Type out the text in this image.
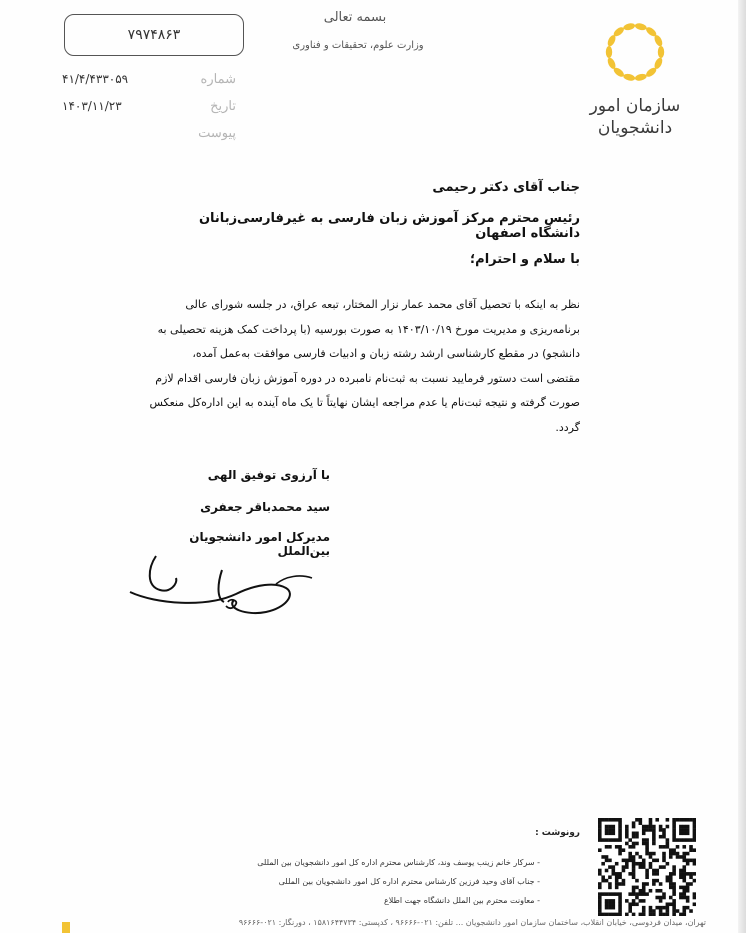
سازمان امور
دانشجویان
بسمه تعالی
وزارت علوم، تحقیقات و فناوری
۷۹۷۴۸۶۳
شماره
۴۱/۴/۴۳۳۰۵۹
تاریخ
۱۴۰۳/۱۱/۲۳
پیوست
جناب آقای دکتر رحیمی
رئیس محترم مرکز آموزش زبان فارسی به غیرفارسی‌زبانان دانشگاه اصفهان
با سلام و احترام؛
نظر به اینکه با تحصیل آقای محمد عمار نزار المختار، تبعه عراق، در جلسه شورای عالی
برنامه‌ریزی و مدیریت مورخ ۱۴۰۳/۱۰/۱۹ به صورت بورسیه (با پرداخت کمک هزینه تحصیلی به
دانشجو) در مقطع کارشناسی ارشد رشته زبان و ادبیات فارسی موافقت به‌عمل آمده،
مقتضی است دستور فرمایید نسبت به ثبت‌نام نامبرده در دوره آموزش زبان فارسی اقدام لازم
صورت گرفته و نتیجه ثبت‌نام یا عدم مراجعه ایشان نهایتاً تا یک ماه آینده به این اداره‌کل منعکس
گردد.
با آرزوی توفیق الهی
سید محمدباقر جعفری
مدیرکل امور دانشجویان بین‌الملل
رونوشت :
- سرکار خانم زینب یوسف وند، کارشناس محترم اداره کل امور دانشجویان بین المللی
- جناب آقای وحید فرزین کارشناس محترم اداره کل امور دانشجویان بین المللی
- معاونت محترم بین الملل دانشگاه جهت اطلاع
تهران، میدان فردوسی، خیابان انقلاب، ساختمان سازمان امور دانشجویان ... تلفن: ۰۲۱-۹۶۶۶۶ ، کدپستی: ۱۵۸۱۶۴۴۷۳۴ ، دورنگار: ۰۲۱-۹۶۶۶۶
